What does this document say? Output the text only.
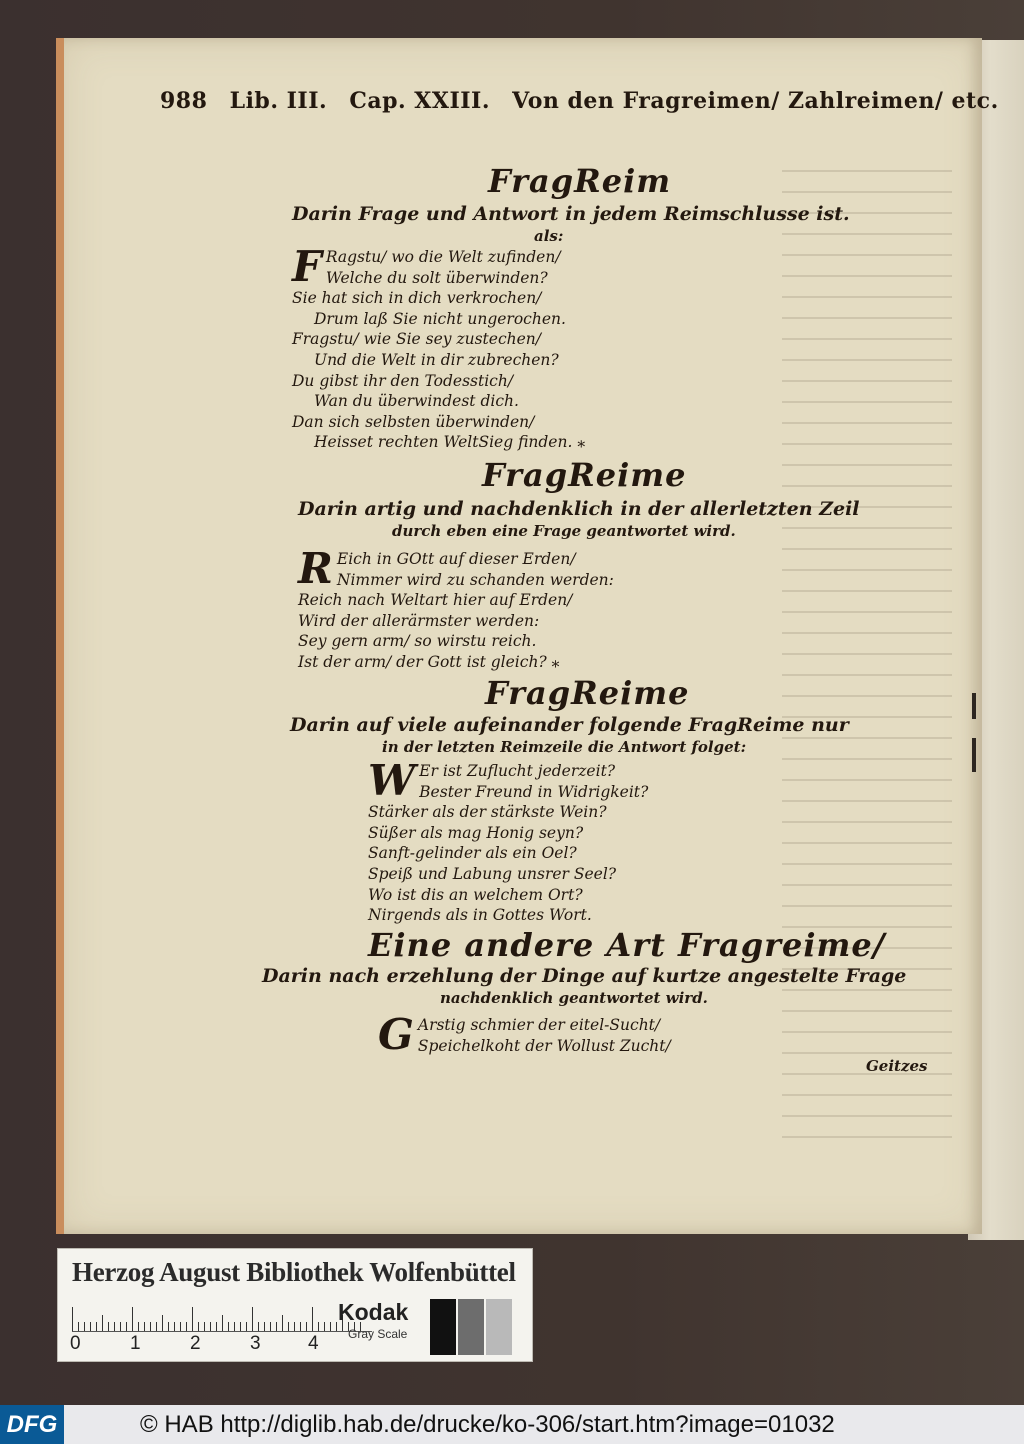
988 Lib. III. Cap. XXIII. Von den Fragreimen/ Zahlreimen/ etc.
FragReim
Darin Frage und Antwort in jedem Reimschlusse ist.
als:
F Ragstu/ wo die Welt zufinden/
Welche du solt überwinden?
Sie hat sich in dich verkrochen/
Drum laß Sie nicht ungerochen.
Fragstu/ wie Sie sey zustechen/
Und die Welt in dir zubrechen?
Du gibst ihr den Todesstich/
Wan du überwindest dich.
Dan sich selbsten überwinden/
Heisset rechten WeltSieg finden. ⁎
FragReime
Darin artig und nachdenklich in der allerletzten Zeil
durch eben eine Frage geantwortet wird.
R Eich in GOtt auf dieser Erden/
Nimmer wird zu schanden werden:
Reich nach Weltart hier auf Erden/
Wird der allerärmster werden:
Sey gern arm/ so wirstu reich.
Ist der arm/ der Gott ist gleich? ⁎
FragReime
Darin auf viele aufeinander folgende FragReime nur
in der letzten Reimzeile die Antwort folget:
W Er ist Zuflucht jederzeit?
Bester Freund in Widrigkeit?
Stärker als der stärkste Wein?
Süßer als mag Honig seyn?
Sanft-gelinder als ein Oel?
Speiß und Labung unsrer Seel?
Wo ist dis an welchem Ort?
Nirgends als in Gottes Wort.
Eine andere Art Fragreime/
Darin nach erzehlung der Dinge auf kurtze angestelte Frage
nachdenklich geantwortet wird.
G Arstig schmier der eitel-Sucht/
Speichelkoht der Wollust Zucht/
Geitzes
Herzog August Bibliothek Wolfenbüttel
0	1	2	3 4
Kodak
Gray Scale
DFG	© HAB http://diglib.hab.de/drucke/ko-306/start.htm?image=01032
